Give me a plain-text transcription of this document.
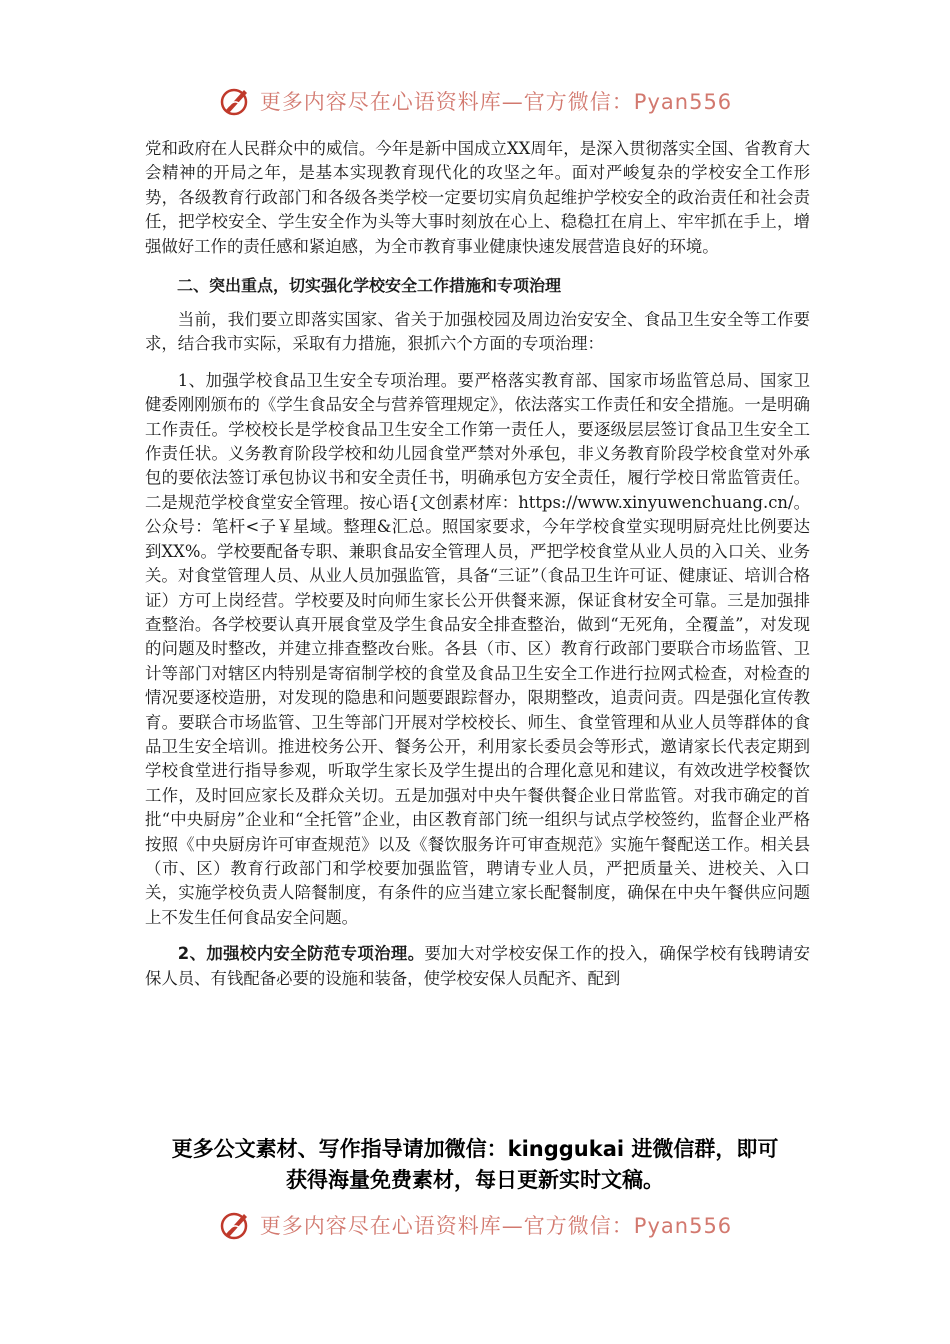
更多内容尽在心语资料库—官方微信：Pyan556

党和政府在人民群众中的威信。今年是新中国成立XX周年，是深入贯彻落实全国、省教育大会精神的开局之年，是基本实现教育现代化的攻坚之年。面对严峻复杂的学校安全工作形势，各级教育行政部门和各级各类学校一定要切实肩负起维护学校安全的政治责任和社会责任，把学校安全、学生安全作为头等大事时刻放在心上、稳稳扛在肩上、牢牢抓在手上，增强做好工作的责任感和紧迫感，为全市教育事业健康快速发展营造良好的环境。

二、突出重点，切实强化学校安全工作措施和专项治理

当前，我们要立即落实国家、省关于加强校园及周边治安安全、食品卫生安全等工作要求，结合我市实际，采取有力措施，狠抓六个方面的专项治理：

1、加强学校食品卫生安全专项治理。要严格落实教育部、国家市场监管总局、国家卫健委刚刚颁布的《学生食品安全与营养管理规定》，依法落实工作责任和安全措施。一是明确工作责任。学校校长是学校食品卫生安全工作第一责任人，要逐级层层签订食品卫生安全工作责任状。义务教育阶段学校和幼儿园食堂严禁对外承包，非义务教育阶段学校食堂对外承包的要依法签订承包协议书和安全责任书，明确承包方安全责任，履行学校日常监管责任。二是规范学校食堂安全管理。按心语{文创素材库：https://www.xinyuwenchuang.cn/。公众号：笔杆<子￥星域。整理&汇总。照国家要求，今年学校食堂实现明厨亮灶比例要达到XX%。学校要配备专职、兼职食品安全管理人员，严把学校食堂从业人员的入口关、业务关。对食堂管理人员、从业人员加强监管，具备“三证”（食品卫生许可证、健康证、培训合格证）方可上岗经营。学校要及时向师生家长公开供餐来源，保证食材安全可靠。三是加强排查整治。各学校要认真开展食堂及学生食品安全排查整治，做到“无死角，全覆盖”，对发现的问题及时整改，并建立排查整改台账。各县（市、区）教育行政部门要联合市场监管、卫计等部门对辖区内特别是寄宿制学校的食堂及食品卫生安全工作进行拉网式检查，对检查的情况要逐校造册，对发现的隐患和问题要跟踪督办，限期整改，追责问责。四是强化宣传教育。要联合市场监管、卫生等部门开展对学校校长、师生、食堂管理和从业人员等群体的食品卫生安全培训。推进校务公开、餐务公开，利用家长委员会等形式，邀请家长代表定期到学校食堂进行指导参观，听取学生家长及学生提出的合理化意见和建议，有效改进学校餐饮工作，及时回应家长及群众关切。五是加强对中央午餐供餐企业日常监管。对我市确定的首批“中央厨房”企业和“全托管”企业，由区教育部门统一组织与试点学校签约，监督企业严格按照《中央厨房许可审查规范》以及《餐饮服务许可审查规范》实施午餐配送工作。相关县（市、区）教育行政部门和学校要加强监管，聘请专业人员，严把质量关、进校关、入口关，实施学校负责人陪餐制度，有条件的应当建立家长配餐制度，确保在中央午餐供应问题上不发生任何食品安全问题。

2、加强校内安全防范专项治理。要加大对学校安保工作的投入，确保学校有钱聘请安保人员、有钱配备必要的设施和装备，使学校安保人员配齐、配到

更多公文素材、写作指导请加微信：kinggukai 进微信群，即可
获得海量免费素材，每日更新实时文稿。
更多内容尽在心语资料库—官方微信：Pyan556
